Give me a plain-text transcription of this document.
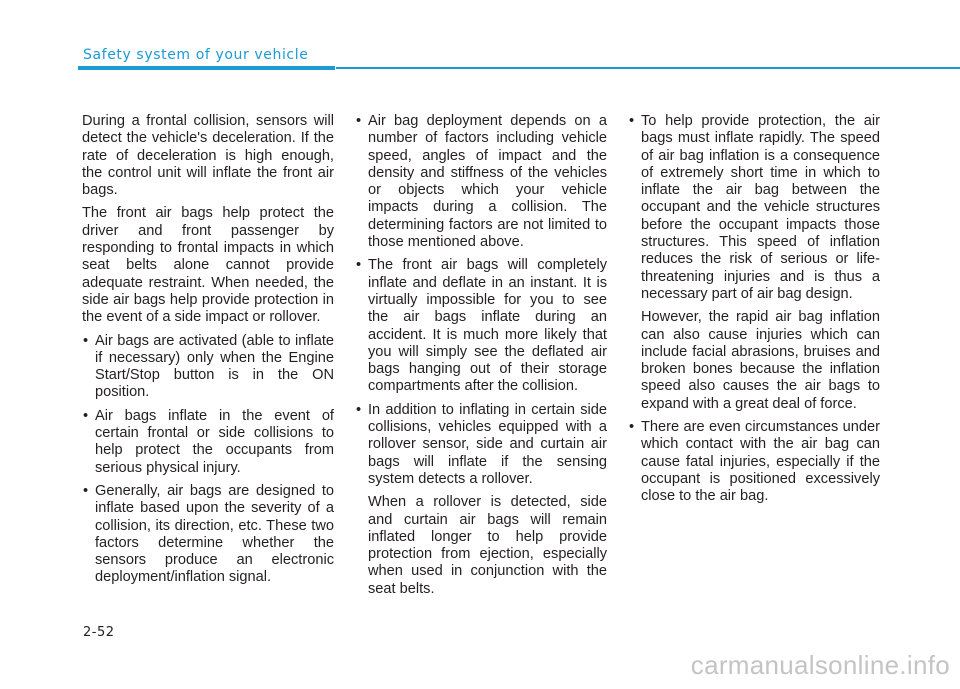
Safety system of your vehicle

During a frontal collision, sensors will detect the vehicle's deceleration. If the rate of deceleration is high enough, the control unit will inflate the front air bags.

The front air bags help protect the driver and front passenger by responding to frontal impacts in which seat belts alone cannot provide adequate restraint. When needed, the side air bags help provide protection in the event of a side impact or rollover.

• Air bags are activated (able to inflate if necessary) only when the Engine Start/Stop button is in the ON position.
• Air bags inflate in the event of certain frontal or side collisions to help protect the occupants from serious physical injury.
• Generally, air bags are designed to inflate based upon the severity of a collision, its direction, etc. These two factors determine whether the sensors produce an electronic deployment/inflation signal.
• Air bag deployment depends on a number of factors including vehicle speed, angles of impact and the density and stiffness of the vehicles or objects which your vehicle impacts during a collision. The determining factors are not limited to those mentioned above.
• The front air bags will completely inflate and deflate in an instant. It is virtually impossible for you to see the air bags inflate during an accident. It is much more likely that you will simply see the deflated air bags hanging out of their storage compartments after the collision.
• In addition to inflating in certain side collisions, vehicles equipped with a rollover sensor, side and curtain air bags will inflate if the sensing system detects a rollover.

When a rollover is detected, side and curtain air bags will remain inflated longer to help provide protection from ejection, especially when used in conjunction with the seat belts.

• To help provide protection, the air bags must inflate rapidly. The speed of air bag inflation is a consequence of extremely short time in which to inflate the air bag between the occupant and the vehicle structures before the occupant impacts those structures. This speed of inflation reduces the risk of serious or life-threatening injuries and is thus a necessary part of air bag design.

However, the rapid air bag inflation can also cause injuries which can include facial abrasions, bruises and broken bones because the inflation speed also causes the air bags to expand with a great deal of force.

• There are even circumstances under which contact with the air bag can cause fatal injuries, especially if the occupant is positioned excessively close to the air bag.
2-52
carmanualsonline.info
